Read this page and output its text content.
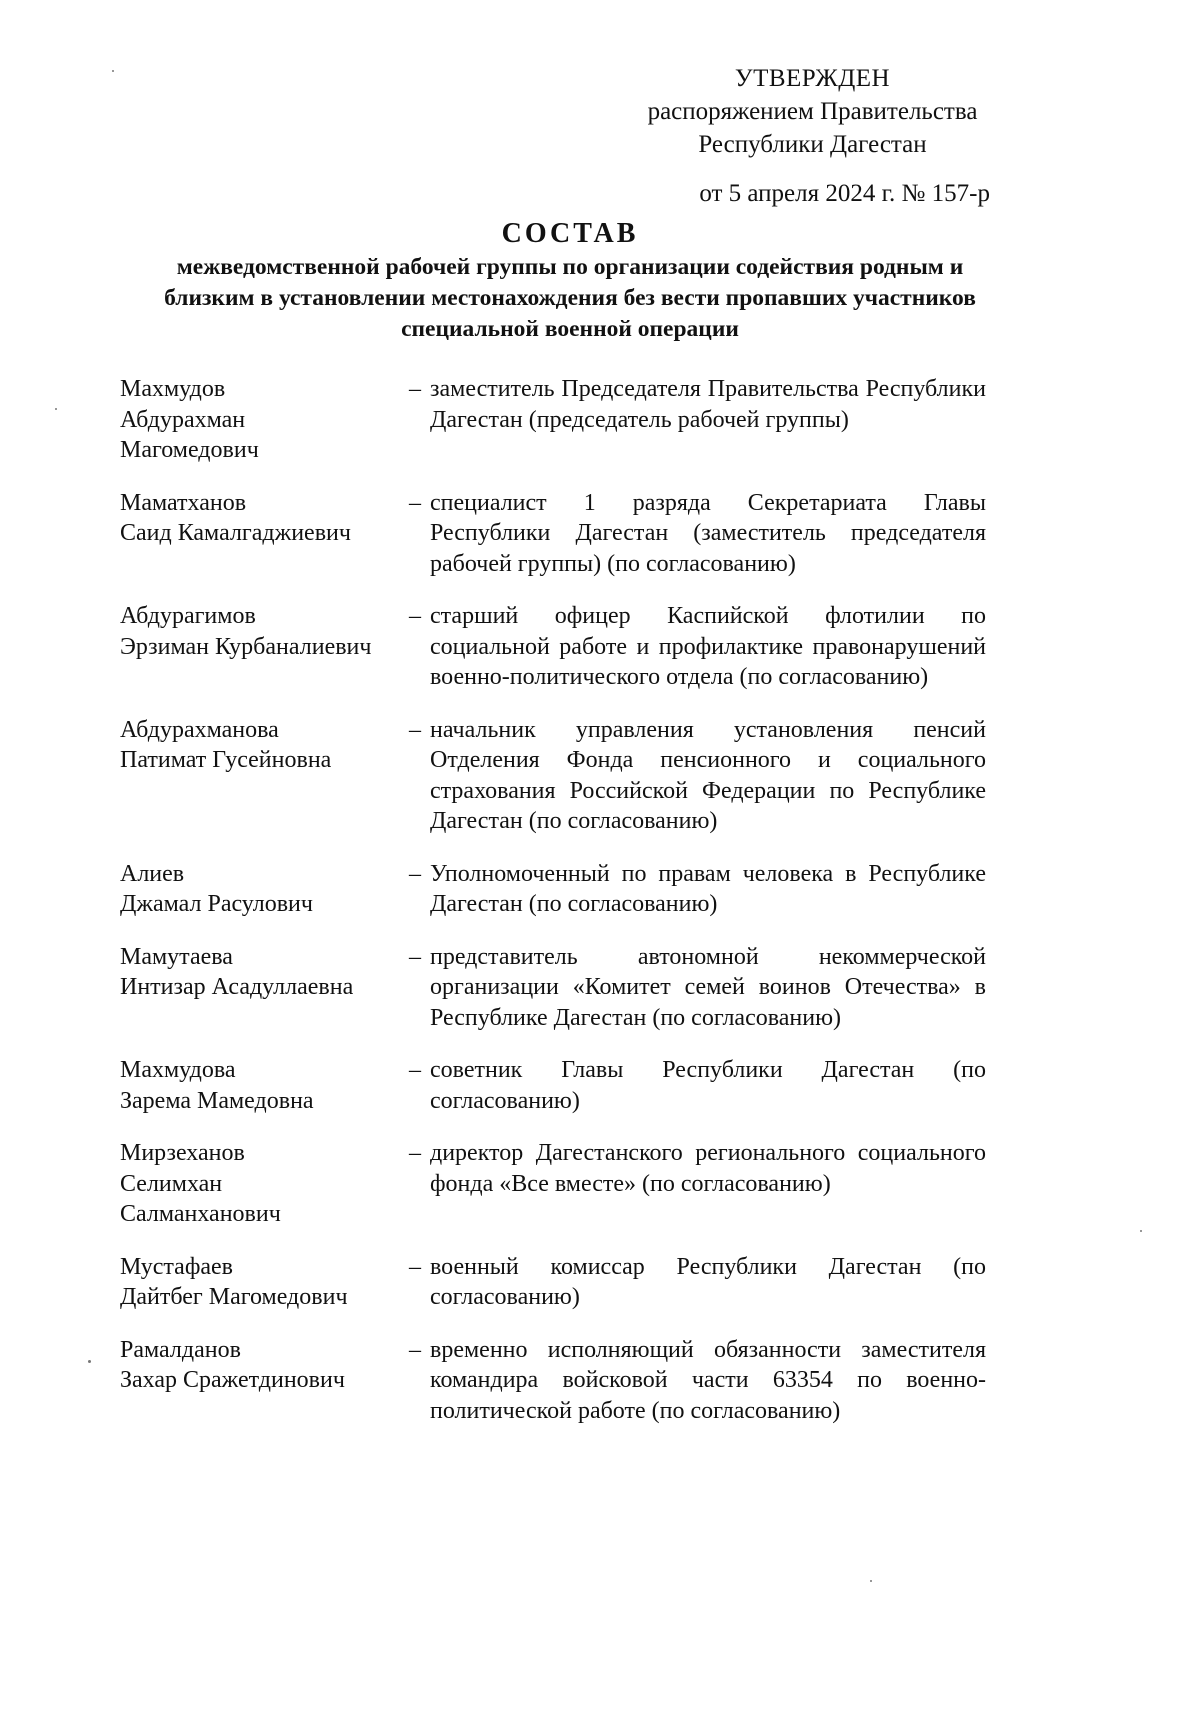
УТВЕРЖДЕН
распоряжением Правительства
Республики Дагестан
от 5 апреля 2024 г. № 157-р
СОСТАВ
межведомственной рабочей группы по организации содействия родным и близким в установлении местонахождения без вести пропавших участников специальной военной операции
Махмудов
Абдурахман
Магомедович
– заместитель Председателя Правительства Республики Дагестан (председатель рабочей группы)
Маматханов
Саид Камалгаджиевич
– специалист 1 разряда Секретариата Главы Республики Дагестан (заместитель председателя рабочей группы) (по согласованию)
Абдурагимов
Эрзиман Курбаналиевич
– старший офицер Каспийской флотилии по социальной работе и профилактике правонарушений военно-политического отдела (по согласованию)
Абдурахманова
Патимат Гусейновна
– начальник управления установления пенсий Отделения Фонда пенсионного и социального страхования Российской Федерации по Республике Дагестан (по согласованию)
Алиев
Джамал Расулович
– Уполномоченный по правам человека в Республике Дагестан (по согласованию)
Мамутаева
Интизар Асадуллаевна
– представитель автономной некоммерческой организации «Комитет семей воинов Отечества» в Республике Дагестан (по согласованию)
Махмудова
Зарема Мамедовна
– советник Главы Республики Дагестан (по согласованию)
Мирзеханов
Селимхан
Салманханович
– директор Дагестанского регионального социального фонда «Все вместе» (по согласованию)
Мустафаев
Дайтбег Магомедович
– военный комиссар Республики Дагестан (по согласованию)
Рамалданов
Захар Сражетдинович
– временно исполняющий обязанности заместителя командира войсковой части 63354 по военно-политической работе (по согласованию)
